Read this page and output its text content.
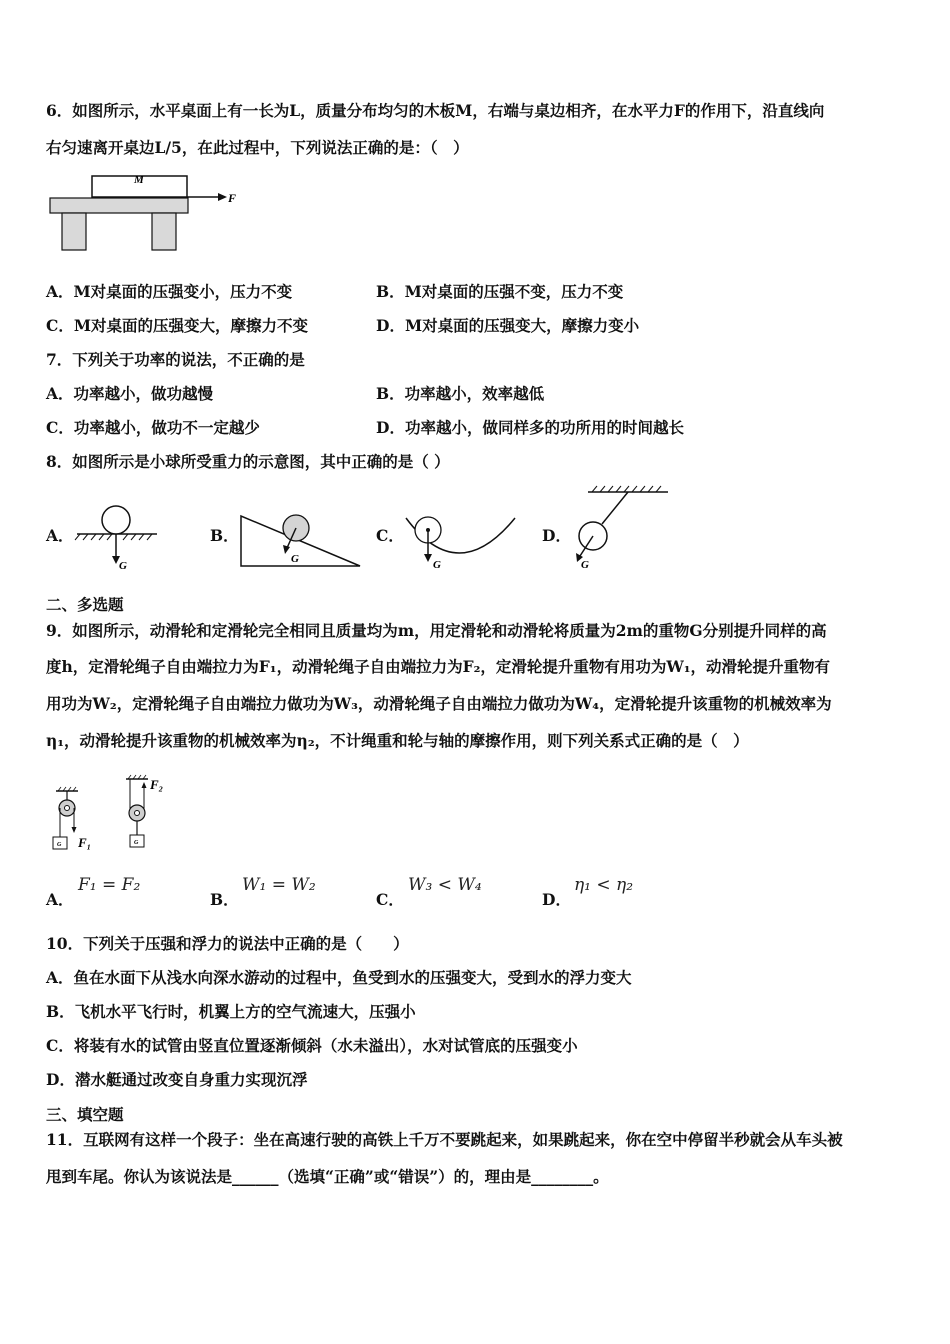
6．如图所示，水平桌面上有一长为L，质量分布均匀的木板M，右端与桌边相齐，在水平力F的作用下，沿直线向
右匀速离开桌边L/5，在此过程中，下列说法正确的是：（　）
M
F
A．M对桌面的压强变小，压力不变	B．M对桌面的压强不变，压力不变
C．M对桌面的压强变大，摩擦力不变	D．M对桌面的压强变大，摩擦力变小
7．下列关于功率的说法，不正确的是
A．功率越小，做功越慢	B．功率越小，效率越低
C．功率越小，做功不一定越少	D．功率越小，做同样多的功所用的时间越长
8．如图所示是小球所受重力的示意图，其中正确的是（ ）
A．
G
B．
G
C．
G
D．
G
二、多选题
9．如图所示，动滑轮和定滑轮完全相同且质量均为m，用定滑轮和动滑轮将质量为2m的重物G分别提升同样的高
度h，定滑轮绳子自由端拉力为F₁，动滑轮绳子自由端拉力为F₂，定滑轮提升重物有用功为W₁，动滑轮提升重物有
用功为W₂，定滑轮绳子自由端拉力做功为W₃，动滑轮绳子自由端拉力做功为W₄，定滑轮提升该重物的机械效率为
η₁，动滑轮提升该重物的机械效率为η₂，不计绳重和轮与轴的摩擦作用，则下列关系式正确的是（　）
G F₁	G
F₂
A．
F₁ = F₂
B．
W₁ = W₂
C．
W₃ < W₄
D．
η₁ < η₂
10．下列关于压强和浮力的说法中正确的是（　　）
A．鱼在水面下从浅水向深水游动的过程中，鱼受到水的压强变大，受到水的浮力变大
B．飞机水平飞行时，机翼上方的空气流速大，压强小
C．将装有水的试管由竖直位置逐渐倾斜（水未溢出），水对试管底的压强变小
D．潜水艇通过改变自身重力实现沉浮
三、填空题
11．互联网有这样一个段子：坐在高速行驶的高铁上千万不要跳起来，如果跳起来，你在空中停留半秒就会从车头被
甩到车尾。你认为该说法是______（选填“正确”或“错误”）的，理由是________。
